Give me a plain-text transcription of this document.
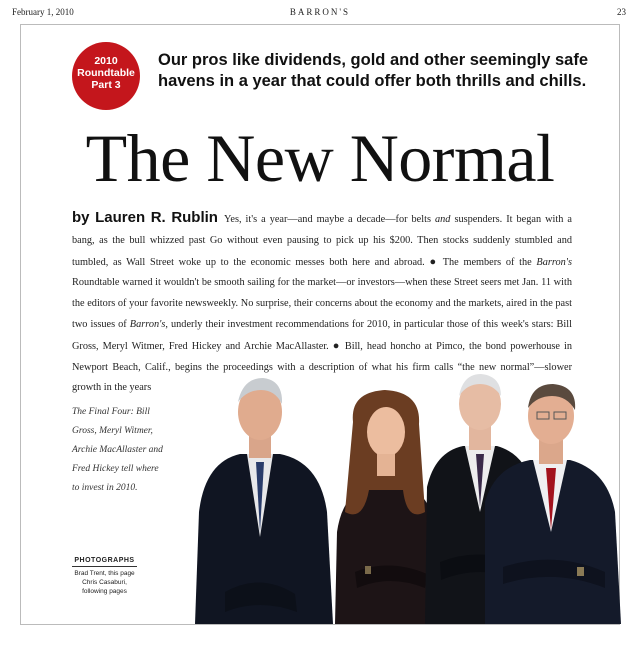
February 1, 2010	BARRON'S	23
2010
Roundtable
Part 3
Our pros like dividends, gold and other seemingly safe havens in a year that could offer both thrills and chills.
The New Normal
by Lauren R. Rublin Yes, it's a year—and maybe a decade—for belts and suspenders. It began with a bang, as the bull whizzed past Go without even pausing to pick up his $200. Then stocks suddenly stumbled and tumbled, as Wall Street woke up to the economic messes both here and abroad. ● The members of the Barron's Roundtable warned it wouldn't be smooth sailing for the market—or investors—when these Street seers met Jan. 11 with the editors of your favorite newsweekly. No surprise, their concerns about the economy and the markets, aired in the past two issues of Barron's, underly their investment recommendations for 2010, in particular those of this week's stars: Bill Gross, Meryl Witmer, Fred Hickey and Archie MacAllaster. ● Bill, head honcho at Pimco, the bond powerhouse in Newport Beach, Calif., begins the proceedings with a description of what his firm calls “the new normal”—slower growth in the years
The Final Four: Bill Gross, Meryl Witmer, Archie MacAllaster and Fred Hickey tell where to invest in 2010.
PHOTOGRAPHS
Brad Trent, this page
Chris Casaburi,
following pages
